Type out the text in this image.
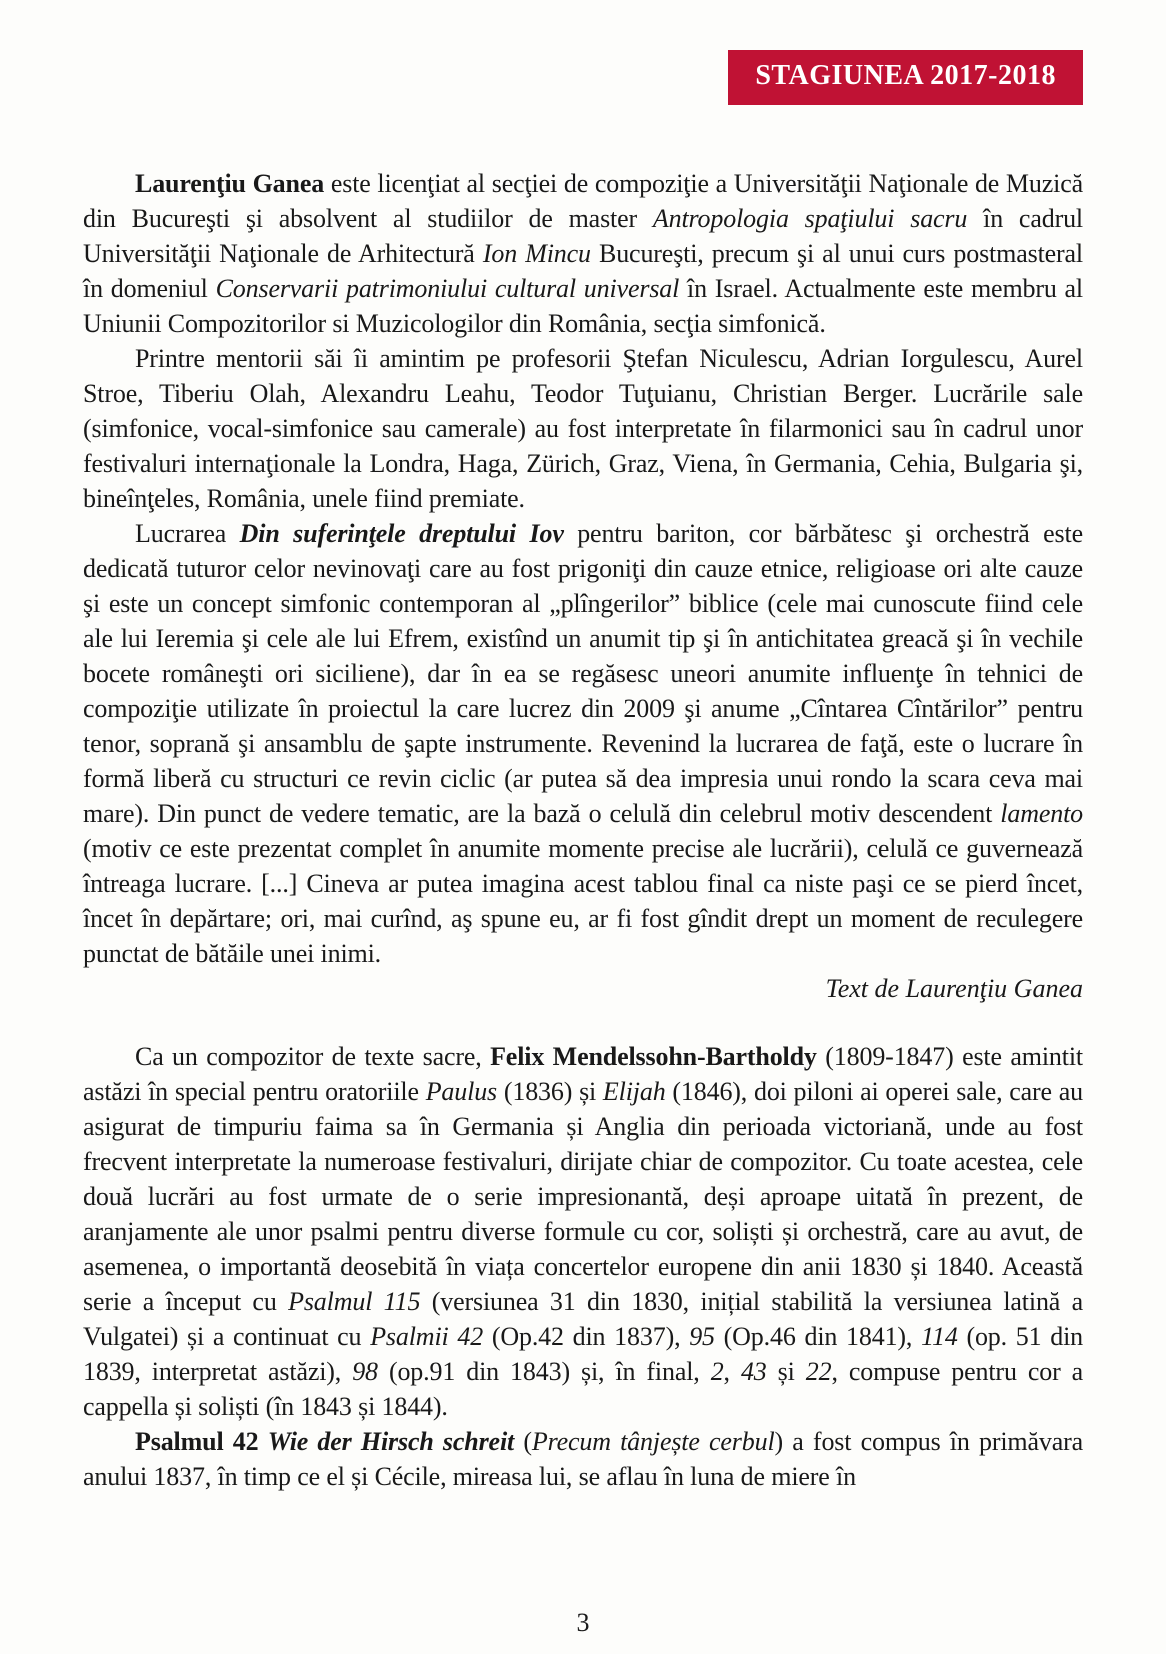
STAGIUNEA 2017-2018

Laurenţiu Ganea este licenţiat al secţiei de compoziţie a Universităţii Naţionale de Muzică din Bucureşti şi absolvent al studiilor de master Antropologia spaţiului sacru în cadrul Universităţii Naţionale de Arhitectură Ion Mincu Bucureşti, precum şi al unui curs postmasteral în domeniul Conservarii patrimoniului cultural universal în Israel. Actualmente este membru al Uniunii Compozitorilor si Muzicologilor din România, secţia simfonică.

Printre mentorii săi îi amintim pe profesorii Ştefan Niculescu, Adrian Iorgulescu, Aurel Stroe, Tiberiu Olah, Alexandru Leahu, Teodor Tuţuianu, Christian Berger. Lucrările sale (simfonice, vocal-simfonice sau camerale) au fost interpretate în filarmonici sau în cadrul unor festivaluri internaţionale la Londra, Haga, Zürich, Graz, Viena, în Germania, Cehia, Bulgaria şi, bineînţeles, România, unele fiind premiate.

Lucrarea Din suferinţele dreptului Iov pentru bariton, cor bărbătesc şi orchestră este dedicată tuturor celor nevinovaţi care au fost prigoniţi din cauze etnice, religioase ori alte cauze şi este un concept simfonic contemporan al „plîngerilor” biblice (cele mai cunoscute fiind cele ale lui Ieremia şi cele ale lui Efrem, existînd un anumit tip şi în antichitatea greacă şi în vechile bocete româneşti ori siciliene), dar în ea se regăsesc uneori anumite influenţe în tehnici de compoziţie utilizate în proiectul la care lucrez din 2009 şi anume „Cîntarea Cîntărilor” pentru tenor, soprană şi ansamblu de şapte instrumente. Revenind la lucrarea de faţă, este o lucrare în formă liberă cu structuri ce revin ciclic (ar putea să dea impresia unui rondo la scara ceva mai mare). Din punct de vedere tematic, are la bază o celulă din celebrul motiv descendent lamento (motiv ce este prezentat complet în anumite momente precise ale lucrării), celulă ce guvernează întreaga lucrare. [...] Cineva ar putea imagina acest tablou final ca niste paşi ce se pierd încet, încet în depărtare; ori, mai curînd, aş spune eu, ar fi fost gîndit drept un moment de reculegere punctat de bătăile unei inimi.

Text de Laurenţiu Ganea

Ca un compozitor de texte sacre, Felix Mendelssohn-Bartholdy (1809-1847) este amintit astăzi în special pentru oratoriile Paulus (1836) și Elijah (1846), doi piloni ai operei sale, care au asigurat de timpuriu faima sa în Germania și Anglia din perioada victoriană, unde au fost frecvent interpretate la numeroase festivaluri, dirijate chiar de compozitor. Cu toate acestea, cele două lucrări au fost urmate de o serie impresionantă, deși aproape uitată în prezent, de aranjamente ale unor psalmi pentru diverse formule cu cor, soliști și orchestră, care au avut, de asemenea, o importantă deosebită în viața concertelor europene din anii 1830 și 1840. Această serie a început cu Psalmul 115 (versiunea 31 din 1830, inițial stabilită la versiunea latină a Vulgatei) și a continuat cu Psalmii 42 (Op.42 din 1837), 95 (Op.46 din 1841), 114 (op. 51 din 1839, interpretat astăzi), 98 (op.91 din 1843) și, în final, 2, 43 și 22, compuse pentru cor a cappella și soliști (în 1843 și 1844).

Psalmul 42 Wie der Hirsch schreit (Precum tânjește cerbul) a fost compus în primăvara anului 1837, în timp ce el și Cécile, mireasa lui, se aflau în luna de miere în

3
